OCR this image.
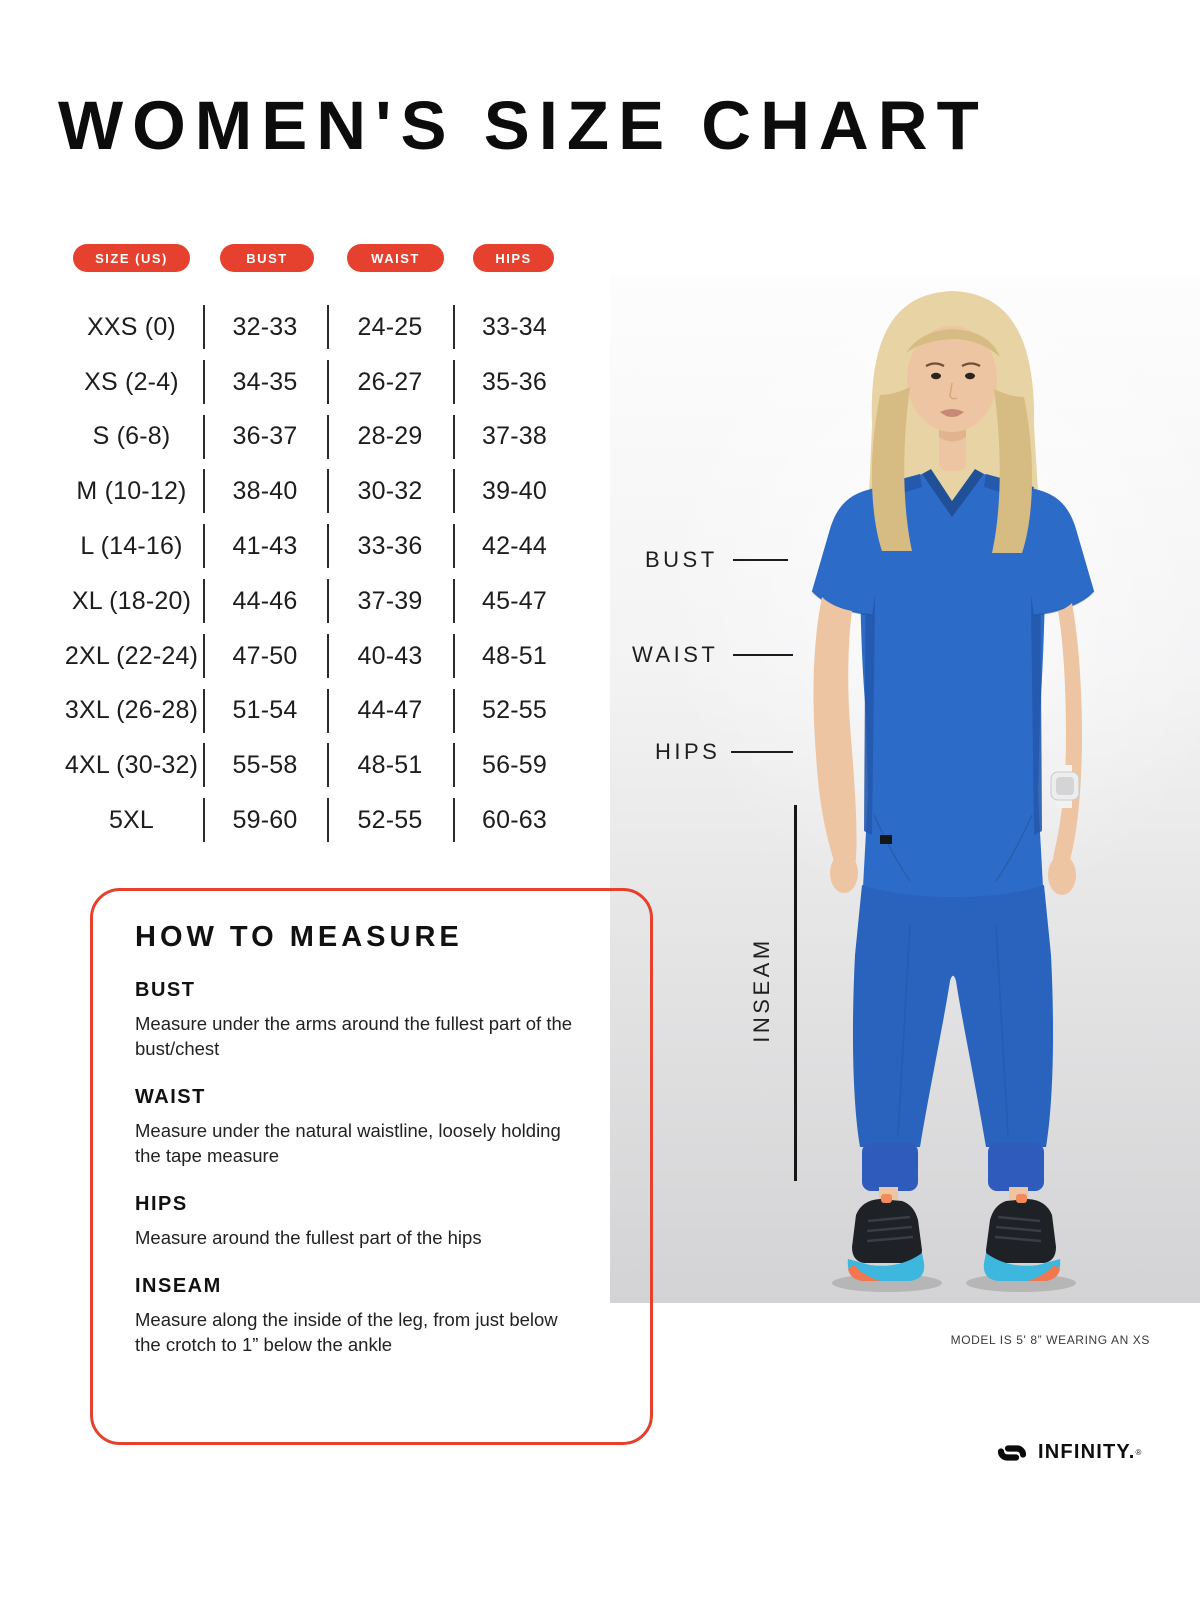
WOMEN'S SIZE CHART
SIZE (US)	BUST	WAIST	HIPS
XXS (0)	32-33	24-25	33-34
XS (2-4)	34-35	26-27	35-36
S (6-8)	36-37	28-29	37-38
M (10-12)	38-40	30-32	39-40
L (14-16)	41-43	33-36	42-44
XL (18-20)	44-46	37-39	45-47
2XL (22-24)	47-50	40-43	48-51
3XL (26-28)	51-54	44-47	52-55
4XL (30-32)	55-58	48-51	56-59
5XL	59-60	52-55	60-63
BUST
WAIST
HIPS
INSEAM
MODEL IS 5' 8” WEARING AN XS
HOW TO MEASURE
BUST
Measure under the arms around the fullest part of the bust/chest
WAIST
Measure under the natural waistline, loosely holding the tape measure
HIPS
Measure around the fullest part of the hips
INSEAM
Measure along the inside of the leg, from just below the crotch to 1” below the ankle
INFINITY. ®
